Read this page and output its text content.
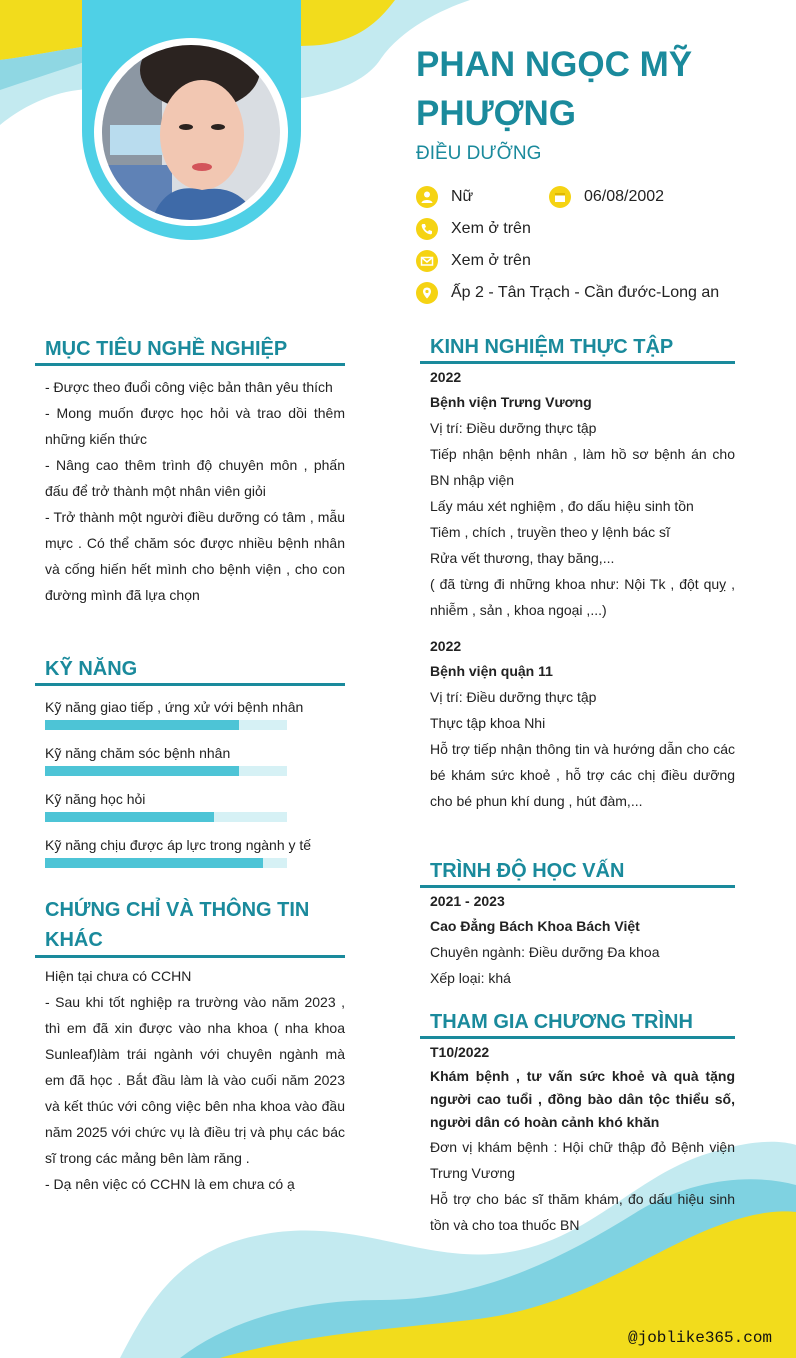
PHAN NGỌC MỸ PHƯỢNG
ĐIỀU DƯỠNG
Nữ	06/08/2002
Xem ở trên
Xem ở trên
Ấp 2 - Tân Trạch - Cần đước-Long an
MỤC TIÊU NGHỀ NGHIỆP
- Được theo đuổi công việc bản thân yêu thích
- Mong muốn được học hỏi và trao dồi thêm những kiến thức
- Nâng cao thêm trình độ chuyên môn , phấn đấu để trở thành một nhân viên giỏi
- Trở thành một người điều dưỡng có tâm , mẫu mực . Có thể chăm sóc được nhiều bệnh nhân và cống hiến hết mình cho bệnh viện , cho con đường mình đã lựa chọn
KỸ NĂNG
Kỹ năng giao tiếp , ứng xử với bệnh nhân
Kỹ năng chăm sóc bệnh nhân
Kỹ năng học hỏi
Kỹ năng chịu được áp lực trong ngành y tế
CHỨNG CHỈ VÀ THÔNG TIN KHÁC
Hiện tại chưa có CCHN
- Sau khi tốt nghiệp ra trường vào năm 2023 , thì em đã xin được vào nha khoa ( nha khoa Sunleaf)làm trái ngành với chuyên ngành mà em đã học . Bắt đầu làm là vào cuối năm 2023 và kết thúc với công việc bên nha khoa vào đầu năm 2025 với chức vụ là điều trị và phụ các bác sĩ trong các mảng bên làm răng .
- Dạ nên việc có CCHN là em chưa có ạ
KINH NGHIỆM THỰC TẬP
2022
Bệnh viện Trưng Vương
Vị trí: Điều dưỡng thực tập
Tiếp nhận bệnh nhân , làm hồ sơ bệnh án cho BN nhập viện
Lấy máu xét nghiệm , đo dấu hiệu sinh tồn
Tiêm , chích , truyền theo y lệnh bác sĩ
Rửa vết thương, thay băng,...
( đã từng đi những khoa như: Nội Tk , đột quỵ , nhiễm , sản , khoa ngoại ,...)
2022
Bệnh viện quận 11
Vị trí: Điều dưỡng thực tập
Thực tập khoa Nhi
Hỗ trợ tiếp nhận thông tin và hướng dẫn cho các bé khám sức khoẻ , hỗ trợ các chị điều dưỡng cho bé phun khí dung , hút đàm,...
TRÌNH ĐỘ HỌC VẤN
2021 - 2023
Cao Đẳng Bách Khoa Bách Việt
Chuyên ngành: Điều dưỡng Đa khoa
Xếp loại: khá
THAM GIA CHƯƠNG TRÌNH
T10/2022
Khám bệnh , tư vấn sức khoẻ và quà tặng người cao tuổi , đồng bào dân tộc thiểu số, người dân có hoàn cảnh khó khăn
Đơn vị khám bệnh : Hội chữ thập đỏ Bệnh viện Trưng Vương
Hỗ trợ cho bác sĩ thăm khám, đo dấu hiệu sinh tồn và cho toa thuốc BN
@joblike365.com
